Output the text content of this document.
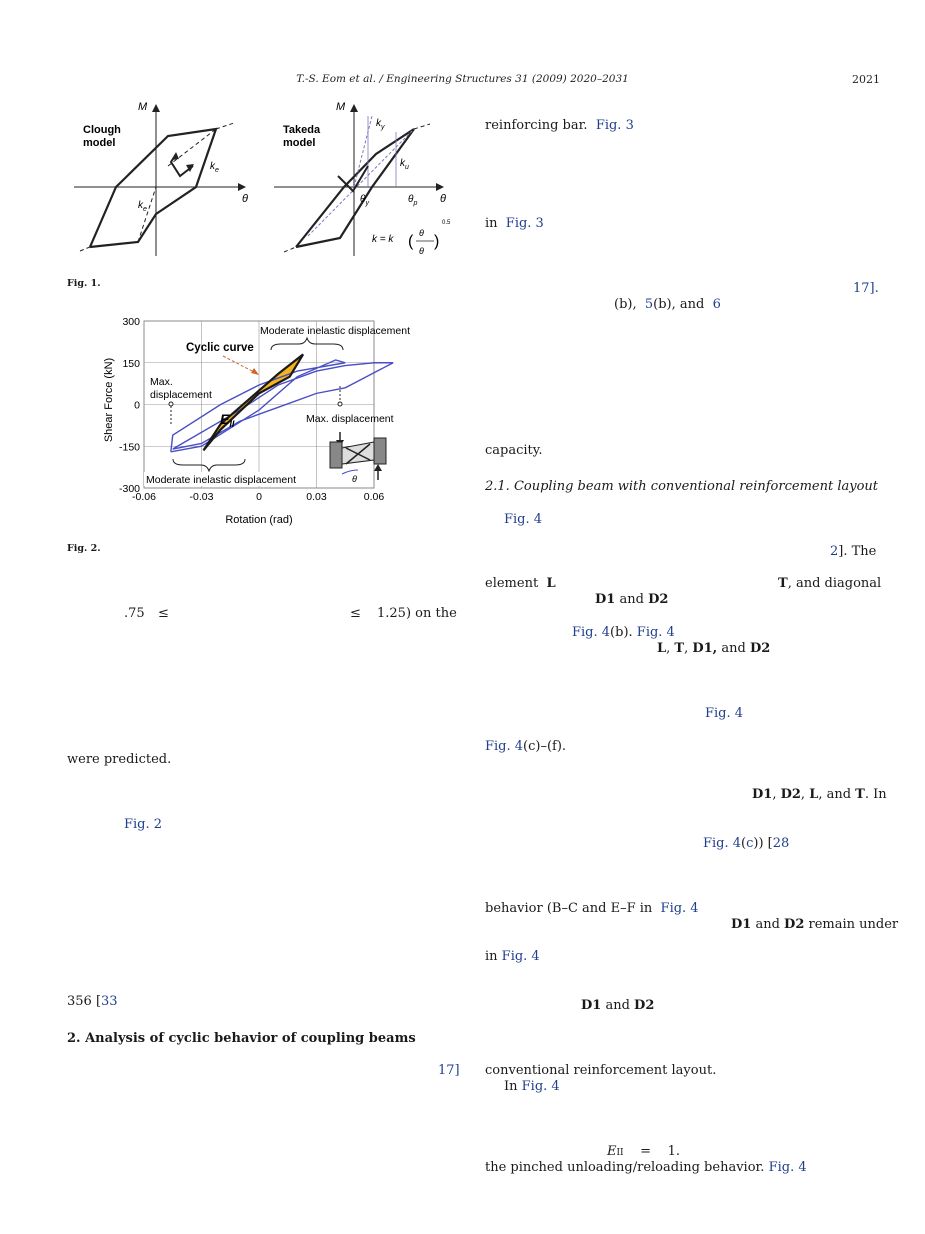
T.-S. Eom et al. / Engineering Structures 31 (2009) 2020–2031	2021
Clough
model
M
θ
$k_e$
$k_e$
Takeda
model
M
θ
$k_y$
$k_u$
$\theta_y$	$\theta_p$
k = k ( θ
θ
)
0.5
Fig. 1.
-0.06	-0.03	0	0.03	0.06
300
150
0
-150
-300
Moderate inelastic displacement
Cyclic curve
Max.
displacement
Max. displacement
Moderate inelastic displacement
$E_{II}$
θ
Shear Force (kN)
Rotation (rad)
Fig. 2.
.75 ≤	≤ 1.25) on the
were predicted.
Fig. 2
356 [33
2. Analysis of cyclic behavior of coupling beams
17]
reinforcing bar. Fig. 3
in Fig. 3
17].
(b), 5(b), and 6
capacity.
2.1. Coupling beam with conventional reinforcement layout
Fig. 4
2]. The
element L	T, and diagonal
D1 and D2
Fig. 4(b). Fig. 4
L, T, D1, and D2
Fig. 4
Fig. 4(c)–(f).
D1, D2, L, and T. In
Fig. 4(c)) [28
behavior (B–C and E–F in Fig. 4
D1 and D2 remain under
in Fig. 4
D1 and D2
conventional reinforcement layout.
In Fig. 4
EII = 1.
the pinched unloading/reloading behavior. Fig. 4
